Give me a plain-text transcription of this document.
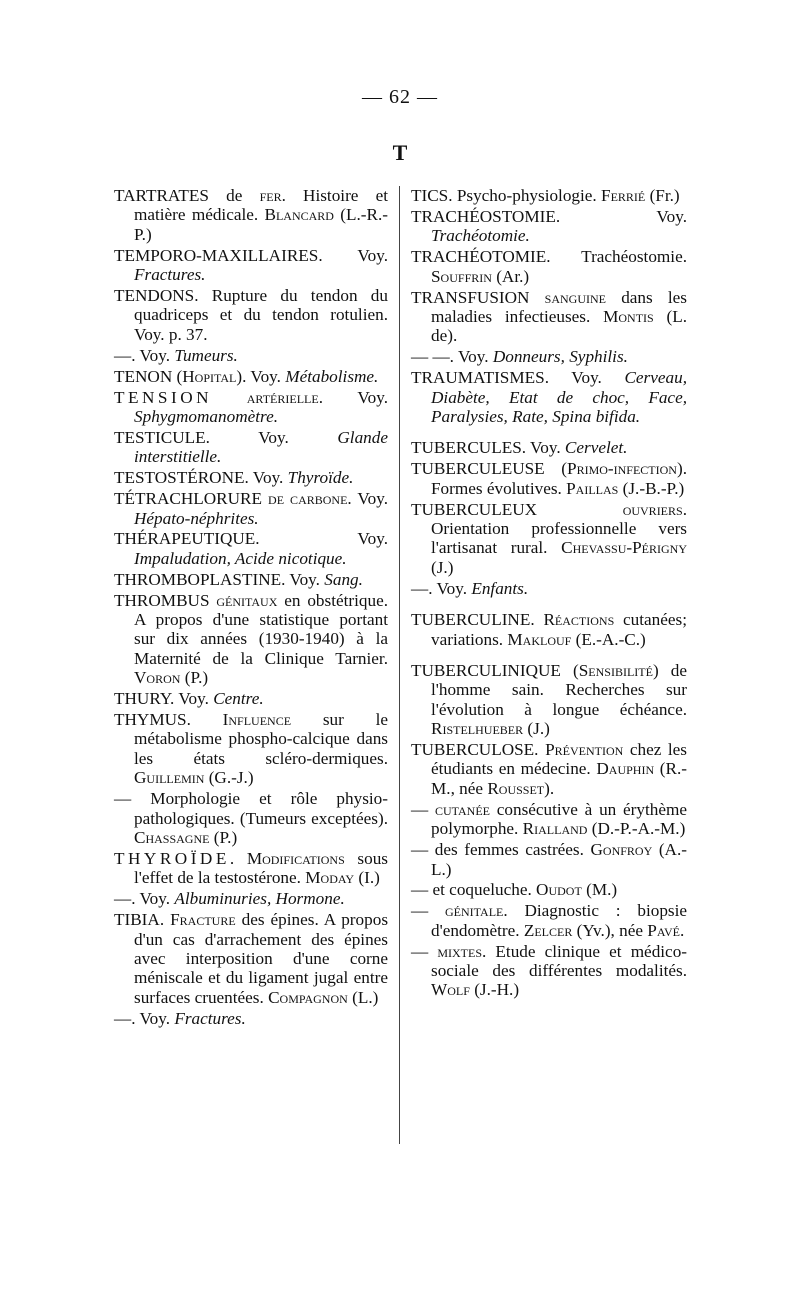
— 62 —
T

TARTRATES de fer. Histoire et matière médicale. Blancard (L.-R.-P.)

TEMPORO-MAXILLAIRES. Voy. Fractures.

TENDONS. Rupture du tendon du quadriceps et du tendon rotulien. Voy. p. 37.

—. Voy. Tumeurs.

TENON (Hopital). Voy. Métabolisme.

TENSION artérielle. Voy. Sphygmomanomètre.

TESTICULE. Voy. Glande interstitielle.

TESTOSTÉRONE. Voy. Thyroïde.

TÉTRACHLORURE de carbone. Voy. Hépato-néphrites.

THÉRAPEUTIQUE. Voy. Impaludation, Acide nicotique.

THROMBOPLASTINE. Voy. Sang.

THROMBUS génitaux en obstétrique. A propos d'une statistique portant sur dix années (1930-1940) à la Maternité de la Clinique Tarnier. Voron (P.)

THURY. Voy. Centre.

THYMUS. Influence sur le métabolisme phospho-calcique dans les états scléro-dermiques. Guillemin (G.-J.)

— Morphologie et rôle physio-pathologiques. (Tumeurs exceptées). Chassagne (P.)

THYROÏDE. Modifications sous l'effet de la testostérone. Moday (I.)

—. Voy. Albuminuries, Hormone.

TIBIA. Fracture des épines. A propos d'un cas d'arrachement des épines avec interposition d'une corne méniscale et du ligament jugal entre surfaces cruentées. Compagnon (L.)

—. Voy. Fractures.

TICS. Psycho-physiologie. Ferrié (Fr.)

TRACHÉOSTOMIE. Voy. Trachéotomie.

TRACHÉOTOMIE. Trachéostomie. Souffrin (Ar.)

TRANSFUSION sanguine dans les maladies infectieuses. Montis (L. de).

— —. Voy. Donneurs, Syphilis.

TRAUMATISMES. Voy. Cerveau, Diabète, Etat de choc, Face, Paralysies, Rate, Spina bifida.

TUBERCULES. Voy. Cervelet.

TUBERCULEUSE (Primo-infection). Formes évolutives. Paillas (J.-B.-P.)

TUBERCULEUX ouvriers. Orientation professionnelle vers l'artisanat rural. Chevassu-Périgny (J.)

—. Voy. Enfants.

TUBERCULINE. Réactions cutanées; variations. Maklouf (E.-A.-C.)

TUBERCULINIQUE (Sensibilité) de l'homme sain. Recherches sur l'évolution à longue échéance. Ristelhueber (J.)

TUBERCULOSE. Prévention chez les étudiants en médecine. Dauphin (R.-M., née Rousset).

— cutanée consécutive à un érythème polymorphe. Rialland (D.-P.-A.-M.)

— des femmes castrées. Gonfroy (A.-L.)

— et coqueluche. Oudot (M.)

— génitale. Diagnostic : biopsie d'endomètre. Zelcer (Yv.), née Pavé.

— mixtes. Etude clinique et médico-sociale des différentes modalités. Wolf (J.-H.)
